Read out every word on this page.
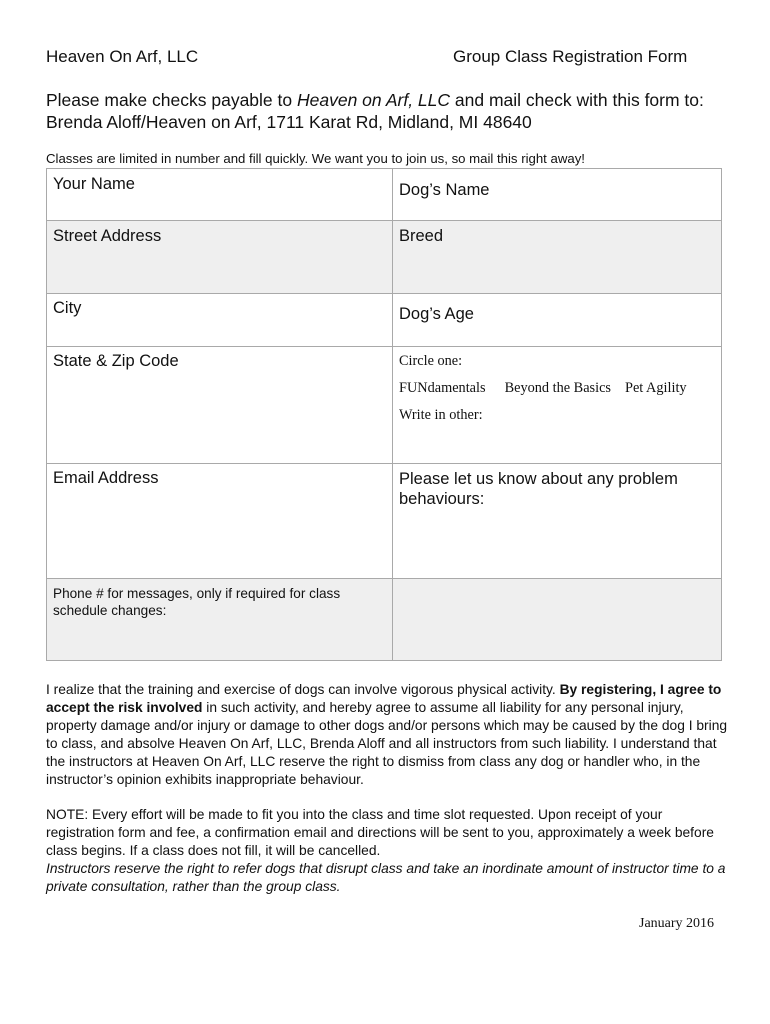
Heaven On Arf, LLC	Group Class Registration Form
Please make checks payable to Heaven on Arf, LLC and mail check with this form to:
Brenda Aloff/Heaven on Arf, 1711 Karat Rd, Midland, MI 48640
Classes are limited in number and fill quickly. We want you to join us, so mail this right away!
Your Name	Dog’s Name
Street Address	Breed
City	Dog’s Age
State & Zip Code	Circle one:
FUNdamentals Beyond the Basics Pet Agility
Write in other:

Email Address	Please let us know about any problem behaviours:

Phone # for messages, only if required for class schedule changes:	

I realize that the training and exercise of dogs can involve vigorous physical activity. By registering, I agree to accept the risk involved in such activity, and hereby agree to assume all liability for any personal injury, property damage and/or injury or damage to other dogs and/or persons which may be caused by the dog I bring to class, and absolve Heaven On Arf, LLC, Brenda Aloff and all instructors from such liability. I understand that the instructors at Heaven On Arf, LLC reserve the right to dismiss from class any dog or handler who, in the instructor’s opinion exhibits inappropriate behaviour.
NOTE: Every effort will be made to fit you into the class and time slot requested. Upon receipt of your registration form and fee, a confirmation email and directions will be sent to you, approximately a week before class begins. If a class does not fill, it will be cancelled.
Instructors reserve the right to refer dogs that disrupt class and take an inordinate amount of instructor time to a private consultation, rather than the group class.
January 2016
